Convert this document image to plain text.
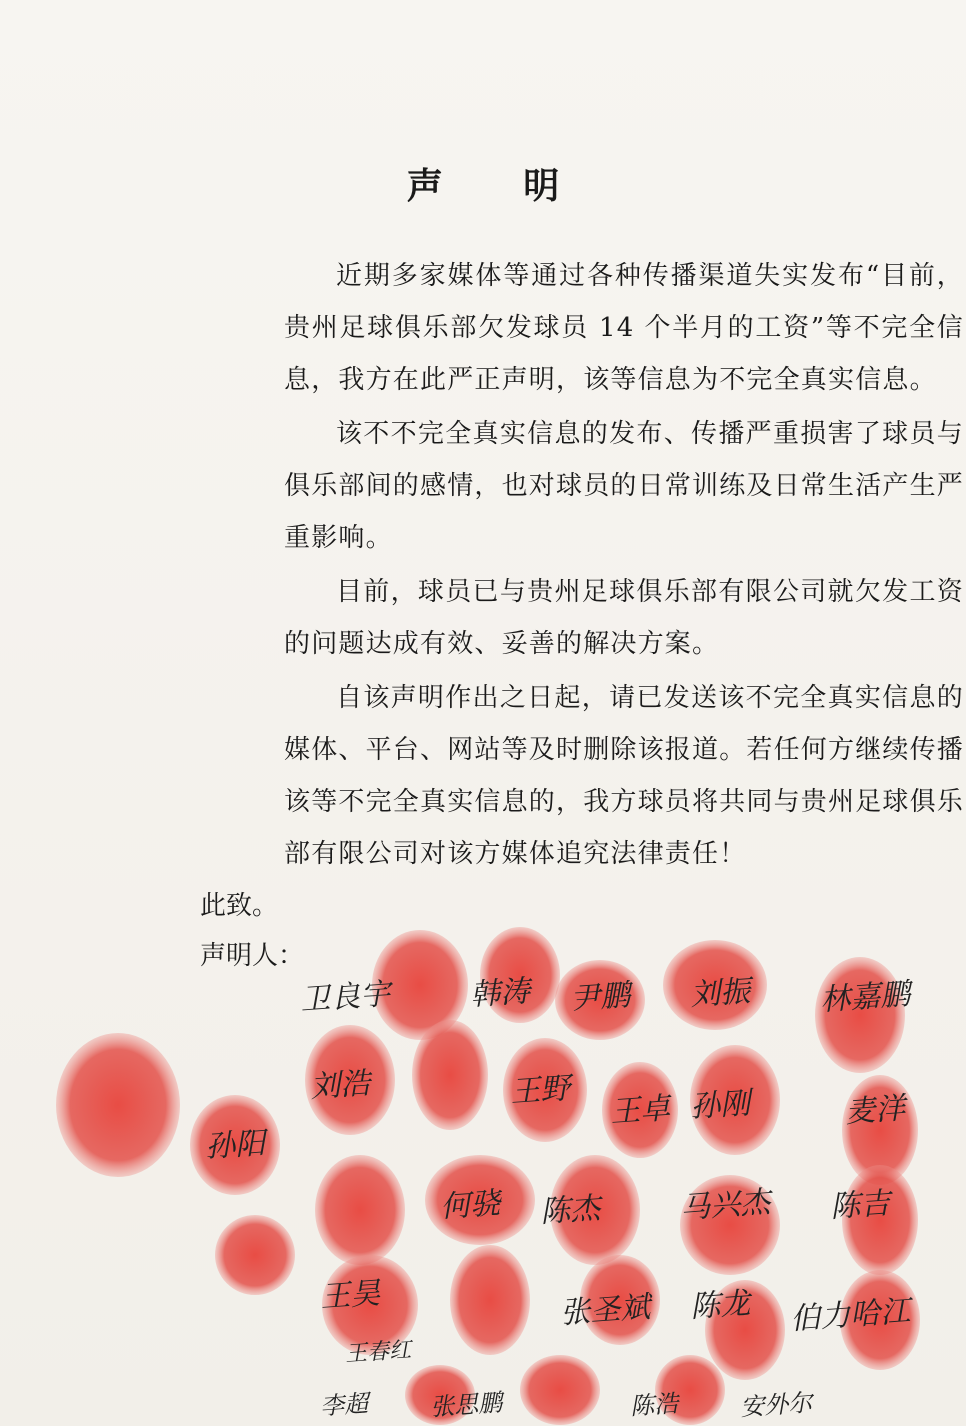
声 明

近期多家媒体等通过各种传播渠道失实发布“目前，贵州足球俱乐部欠发球员 14 个半月的工资”等不完全信息，我方在此严正声明，该等信息为不完全真实信息。

该不不完全真实信息的发布、传播严重损害了球员与俱乐部间的感情，也对球员的日常训练及日常生活产生严重影响。

目前，球员已与贵州足球俱乐部有限公司就欠发工资的问题达成有效、妥善的解决方案。

自该声明作出之日起，请已发送该不完全真实信息的媒体、平台、网站等及时删除该报道。若任何方继续传播该等不完全真实信息的，我方球员将共同与贵州足球俱乐部有限公司对该方媒体追究法律责任！

此致。
声明人：
卫良宇	韩涛 尹鹏 刘振 林嘉鹏
刘浩	王野
王卓 孙刚	麦洋
孙阳
何骁 陈杰	马兴杰 陈吉
王昊	张圣斌 陈龙 伯力哈江
王春红
李超	张思鹏	陈浩	安外尔
